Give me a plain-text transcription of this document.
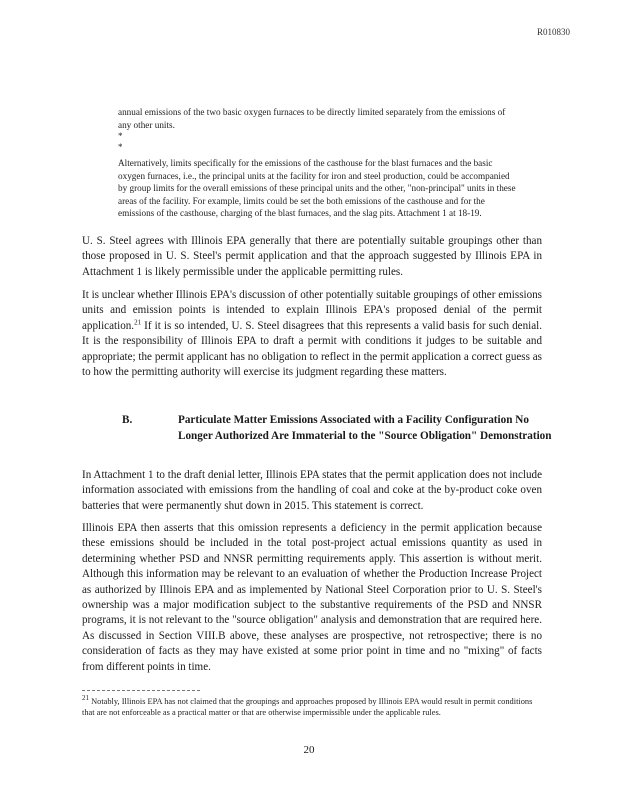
R010830

annual emissions of the two basic oxygen furnaces to be directly limited separately from the emissions of any other units.

*
*

Alternatively, limits specifically for the emissions of the casthouse for the blast furnaces and the basic oxygen furnaces, i.e., the principal units at the facility for iron and steel production, could be accompanied by group limits for the overall emissions of these principal units and the other, "non-principal" units in these areas of the facility. For example, limits could be set the both emissions of the casthouse and for the emissions of the casthouse, charging of the blast furnaces, and the slag pits. Attachment 1 at 18-19.

U. S. Steel agrees with Illinois EPA generally that there are potentially suitable groupings other than those proposed in U. S. Steel's permit application and that the approach suggested by Illinois EPA in Attachment 1 is likely permissible under the applicable permitting rules.

It is unclear whether Illinois EPA's discussion of other potentially suitable groupings of other emissions units and emission points is intended to explain Illinois EPA's proposed denial of the permit application.$^{21}$ If it is so intended, U. S. Steel disagrees that this represents a valid basis for such denial. It is the responsibility of Illinois EPA to draft a permit with conditions it judges to be suitable and appropriate; the permit applicant has no obligation to reflect in the permit application a correct guess as to how the permitting authority will exercise its judgment regarding these matters.

B.	Particulate Matter Emissions Associated with a Facility Configuration No Longer Authorized Are Immaterial to the "Source Obligation" Demonstration

In Attachment 1 to the draft denial letter, Illinois EPA states that the permit application does not include information associated with emissions from the handling of coal and coke at the by-product coke oven batteries that were permanently shut down in 2015. This statement is correct.

Illinois EPA then asserts that this omission represents a deficiency in the permit application because these emissions should be included in the total post-project actual emissions quantity as used in determining whether PSD and NNSR permitting requirements apply. This assertion is without merit. Although this information may be relevant to an evaluation of whether the Production Increase Project as authorized by Illinois EPA and as implemented by National Steel Corporation prior to U. S. Steel's ownership was a major modification subject to the substantive requirements of the PSD and NNSR programs, it is not relevant to the "source obligation" analysis and demonstration that are required here. As discussed in Section VIII.B above, these analyses are prospective, not retrospective; there is no consideration of facts as they may have existed at some prior point in time and no "mixing" of facts from different points in time.

$^{21}$ Notably, Illinois EPA has not claimed that the groupings and approaches proposed by Illinois EPA would result in permit conditions that are not enforceable as a practical matter or that are otherwise impermissible under the applicable rules.

20
